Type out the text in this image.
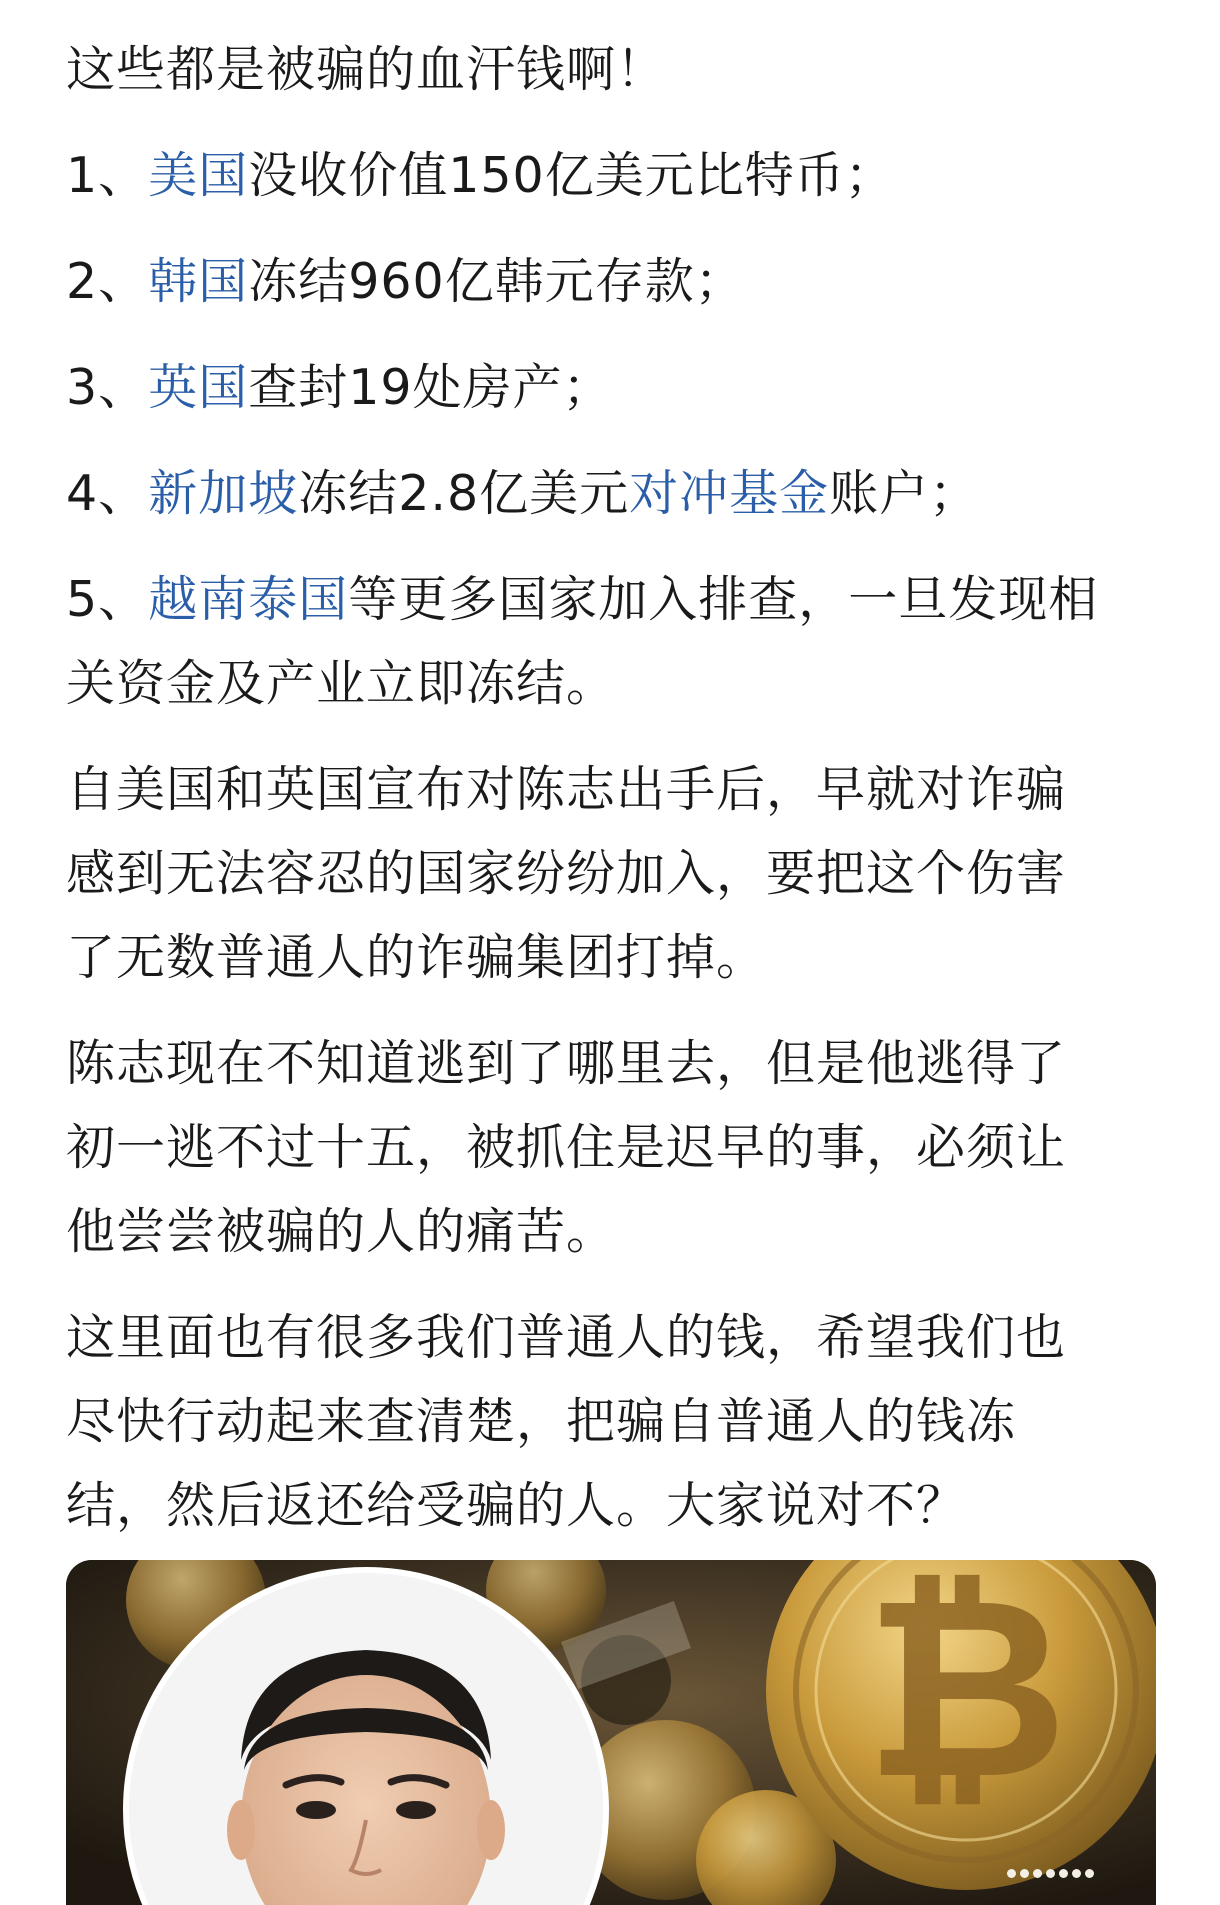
这些都是被骗的血汗钱啊！

1、美国没收价值150亿美元比特币；

2、韩国冻结960亿韩元存款；

3、英国查封19处房产；

4、新加坡冻结2.8亿美元对冲基金账户；

5、越南泰国等更多国家加入排查，一旦发现相
关资金及产业立即冻结。

自美国和英国宣布对陈志出手后，早就对诈骗
感到无法容忍的国家纷纷加入，要把这个伤害
了无数普通人的诈骗集团打掉。

陈志现在不知道逃到了哪里去，但是他逃得了
初一逃不过十五，被抓住是迟早的事，必须让
他尝尝被骗的人的痛苦。

这里面也有很多我们普通人的钱，希望我们也
尽快行动起来查清楚，把骗自普通人的钱冻
结，然后返还给受骗的人。大家说对不？

₿
